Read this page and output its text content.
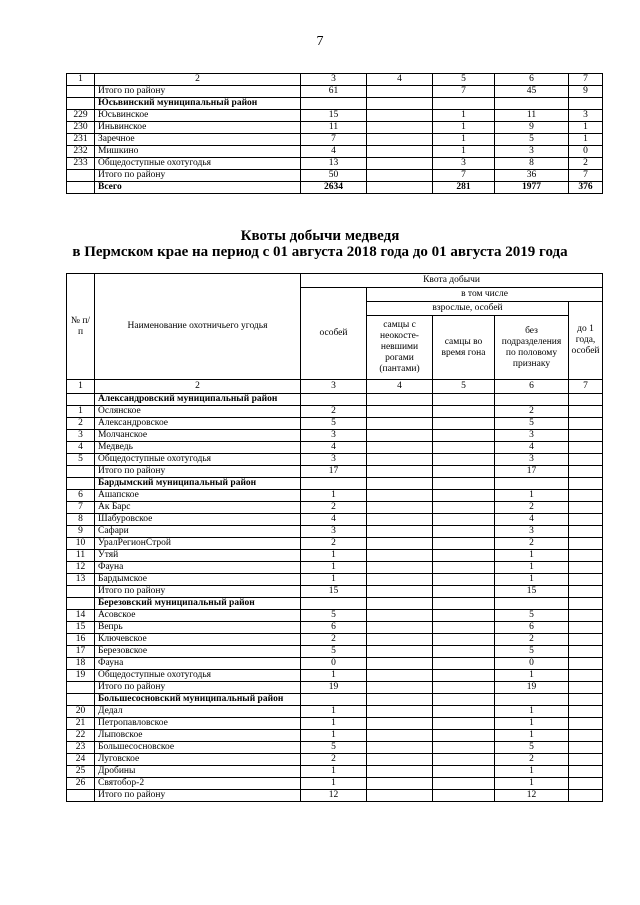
7
1	2	3	4	5	6	7
	Итого по району	61		7	45	9
	Юсьвинский муниципальный район					
229	Юсьвинское	15		1	11	3
230	Иньвинское	11		1	9	1
231	Заречное	7		1	5	1
232	Мишкино	4		1	3	0
233	Общедоступные охотугодья	13		3	8	2
	Итого по району	50		7	36	7
	Всего	2634		281	1977	376
Квоты добычи медведя
в Пермском крае на период с 01 августа 2018 года до 01 августа 2019 года
№ п/п	Наименование охотничьего угодья	Квота добычи				
		особей	в том числе			
			взрослые, особей			до 1 года, особей
			самцы с неокосте-невшими рогами (пантами)	самцы во время гона	без подразделения по половому признаку	
1	2	3	4	5	6	7
	Александровский муниципальный район					
1	Ослянское	2			2	
2	Александровское	5			5	
3	Молчанское	3			3	
4	Медведь	4			4	
5	Общедоступные охотугодья	3			3	
	Итого по району	17			17	
	Бардымский муниципальный район					
6	Ашапское	1			1	
7	Ак Барс	2			2	
8	Шабуровское	4			4	
9	Сафари	3			3	
10	УралРегионСтрой	2			2	
11	Утяй	1			1	
12	Фауна	1			1	
13	Бардымское	1			1	
	Итого по району	15			15	
	Березовский муниципальный район					
14	Асовское	5			5	
15	Вепрь	6			6	
16	Ключевское	2			2	
17	Березовское	5			5	
18	Фауна	0			0	
19	Общедоступные охотугодья	1			1	
	Итого по району	19			19	
	Большесосновский муниципальный район					
20	Дедал	1			1	
21	Петропавловское	1			1	
22	Лыповское	1			1	
23	Большесосновское	5			5	
24	Луговское	2			2	
25	Дробины	1			1	
26	Святобор-2	1			1	
	Итого по району	12			12	
